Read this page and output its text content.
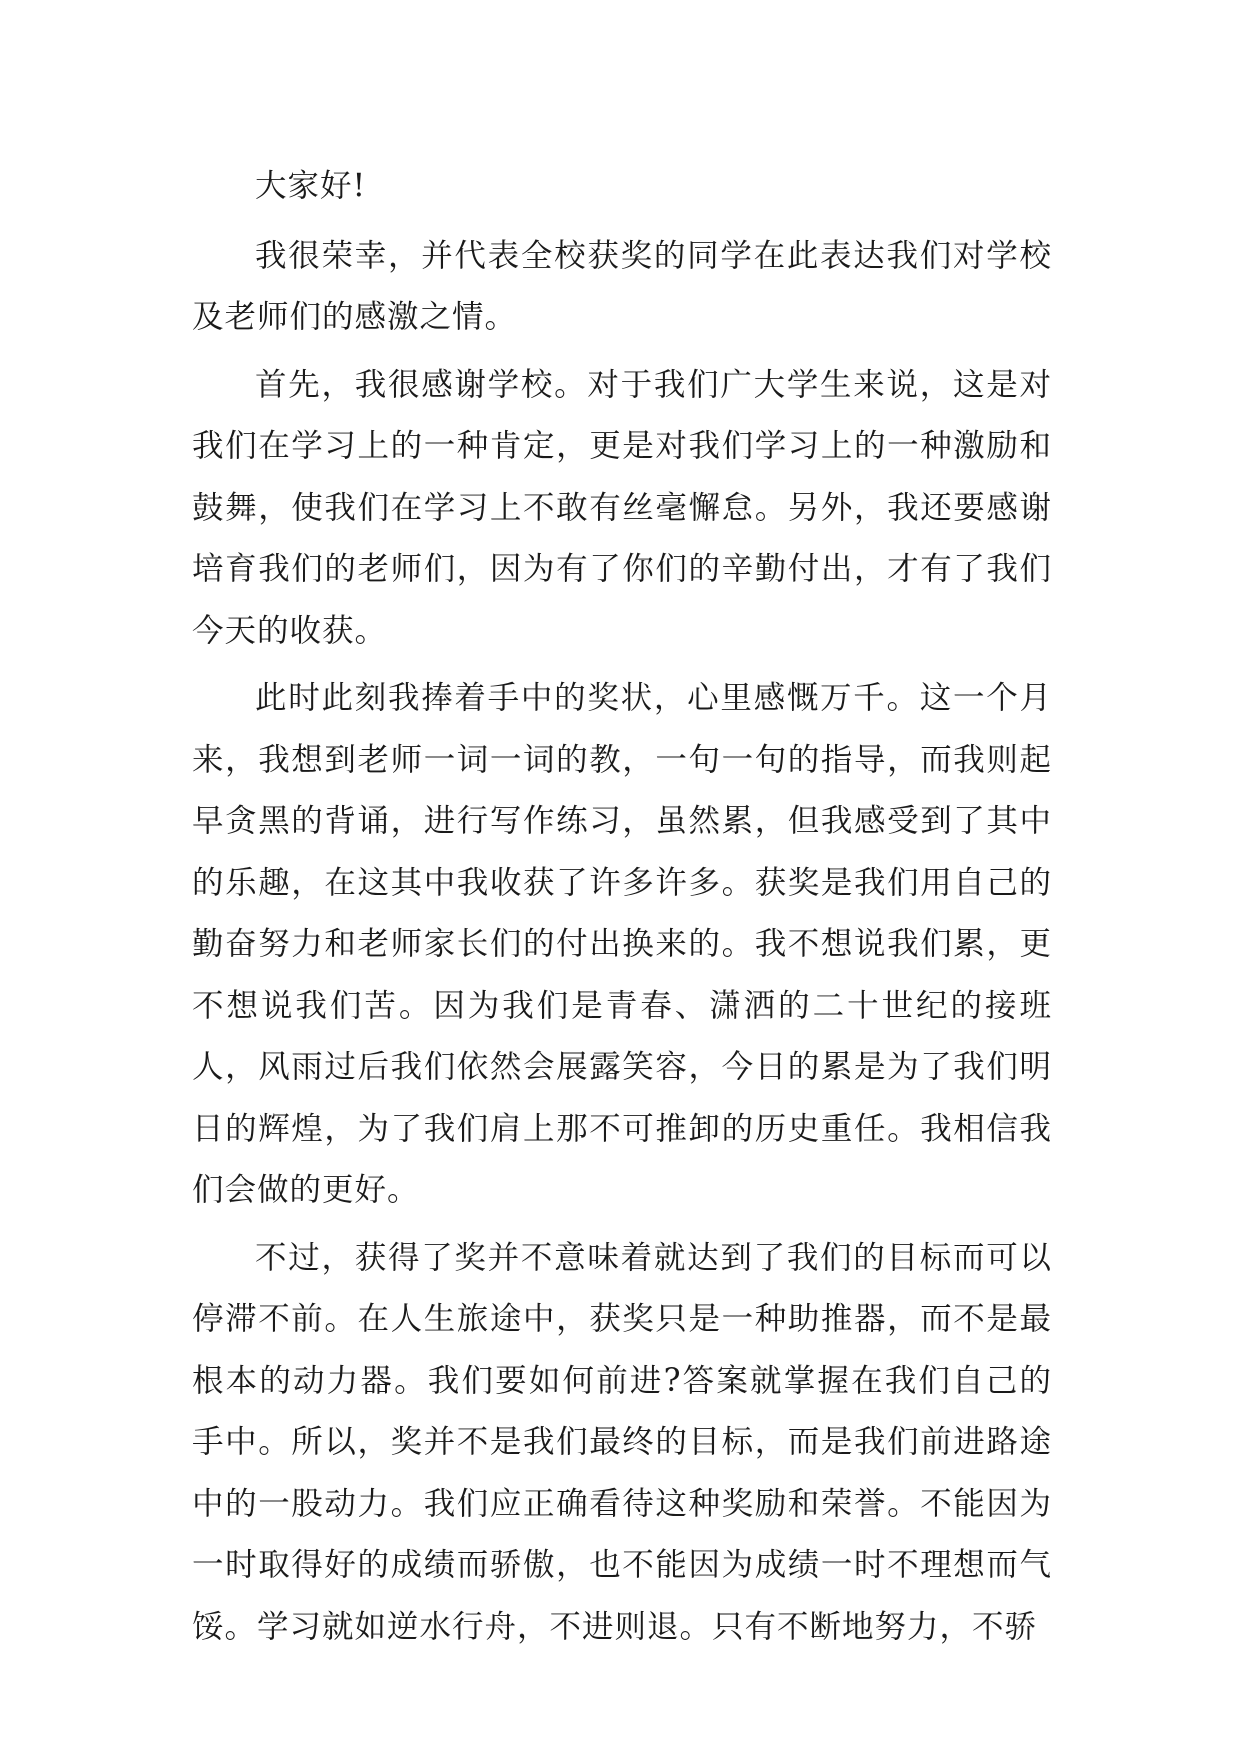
大家好!

我很荣幸，并代表全校获奖的同学在此表达我们对学校及老师们的感激之情。

首先，我很感谢学校。对于我们广大学生来说，这是对我们在学习上的一种肯定，更是对我们学习上的一种激励和鼓舞，使我们在学习上不敢有丝毫懈怠。另外，我还要感谢培育我们的老师们，因为有了你们的辛勤付出，才有了我们今天的收获。

此时此刻我捧着手中的奖状，心里感慨万千。这一个月来，我想到老师一词一词的教，一句一句的指导，而我则起早贪黑的背诵，进行写作练习，虽然累，但我感受到了其中的乐趣，在这其中我收获了许多许多。获奖是我们用自己的勤奋努力和老师家长们的付出换来的。我不想说我们累，更不想说我们苦。因为我们是青春、潇洒的二十世纪的接班人，风雨过后我们依然会展露笑容，今日的累是为了我们明日的辉煌，为了我们肩上那不可推卸的历史重任。我相信我们会做的更好。

不过，获得了奖并不意味着就达到了我们的目标而可以停滞不前。在人生旅途中，获奖只是一种助推器，而不是最根本的动力器。我们要如何前进?答案就掌握在我们自己的手中。所以，奖并不是我们最终的目标，而是我们前进路途中的一股动力。我们应正确看待这种奖励和荣誉。不能因为一时取得好的成绩而骄傲，也不能因为成绩一时不理想而气馁。学习就如逆水行舟，不进则退。只有不断地努力，不骄
